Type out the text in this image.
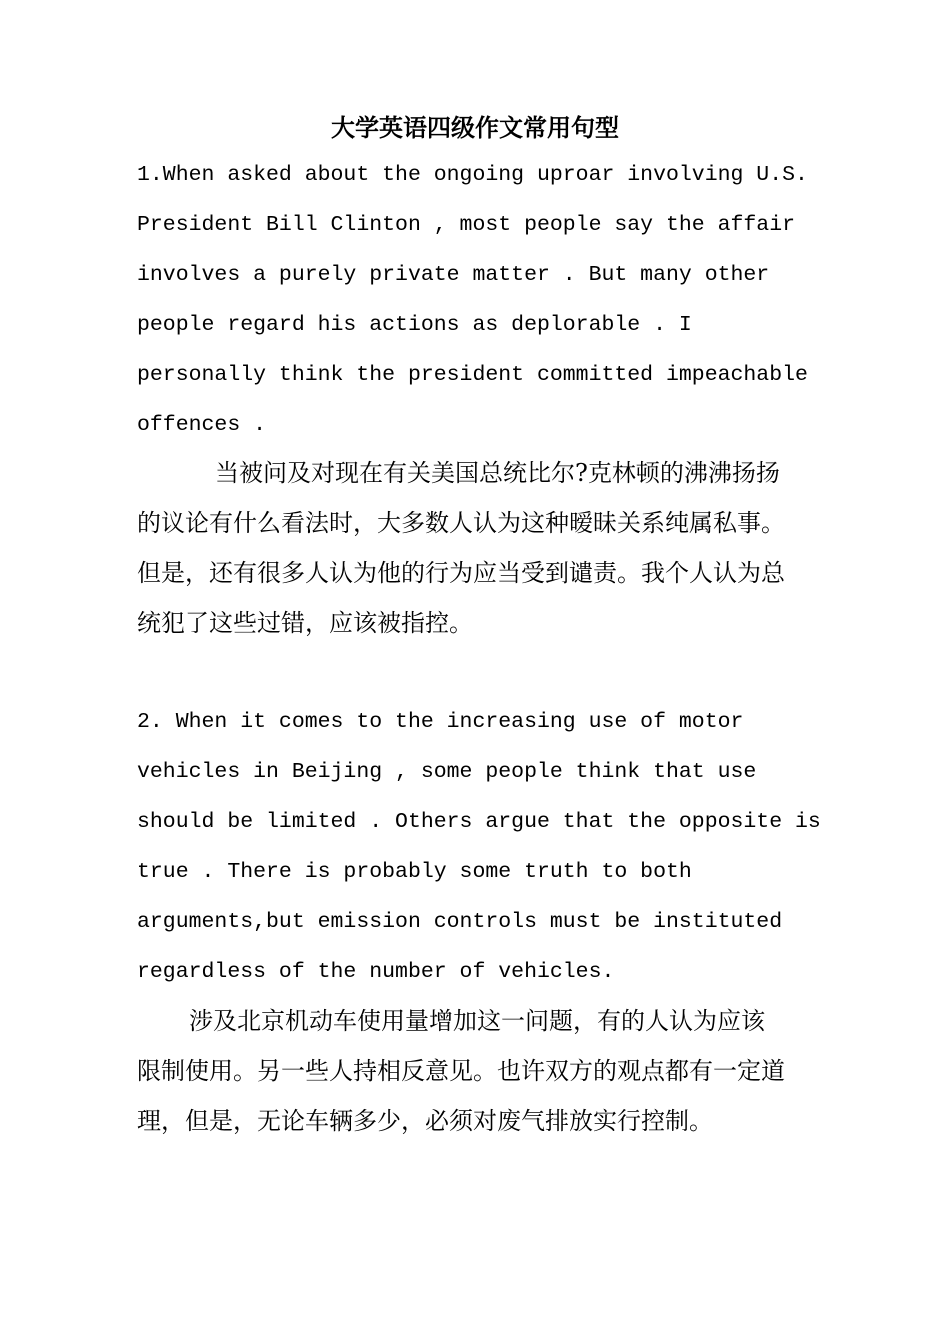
大学英语四级作文常用句型
1.When asked about the ongoing uproar involving U.S.
President Bill Clinton , most people say the affair
involves a purely private matter . But many other
people regard his actions as deplorable . I
personally think the president committed impeachable
offences .
当被问及对现在有关美国总统比尔?克林顿的沸沸扬扬
的议论有什么看法时，大多数人认为这种暧昧关系纯属私事。
但是，还有很多人认为他的行为应当受到谴责。我个人认为总
统犯了这些过错，应该被指控。
2. When it comes to the increasing use of motor
vehicles in Beijing , some people think that use
should be limited . Others argue that the opposite is
true . There is probably some truth to both
arguments,but emission controls must be instituted
regardless of the number of vehicles.
涉及北京机动车使用量增加这一问题，有的人认为应该
限制使用。另一些人持相反意见。也许双方的观点都有一定道
理，但是，无论车辆多少，必须对废气排放实行控制。
